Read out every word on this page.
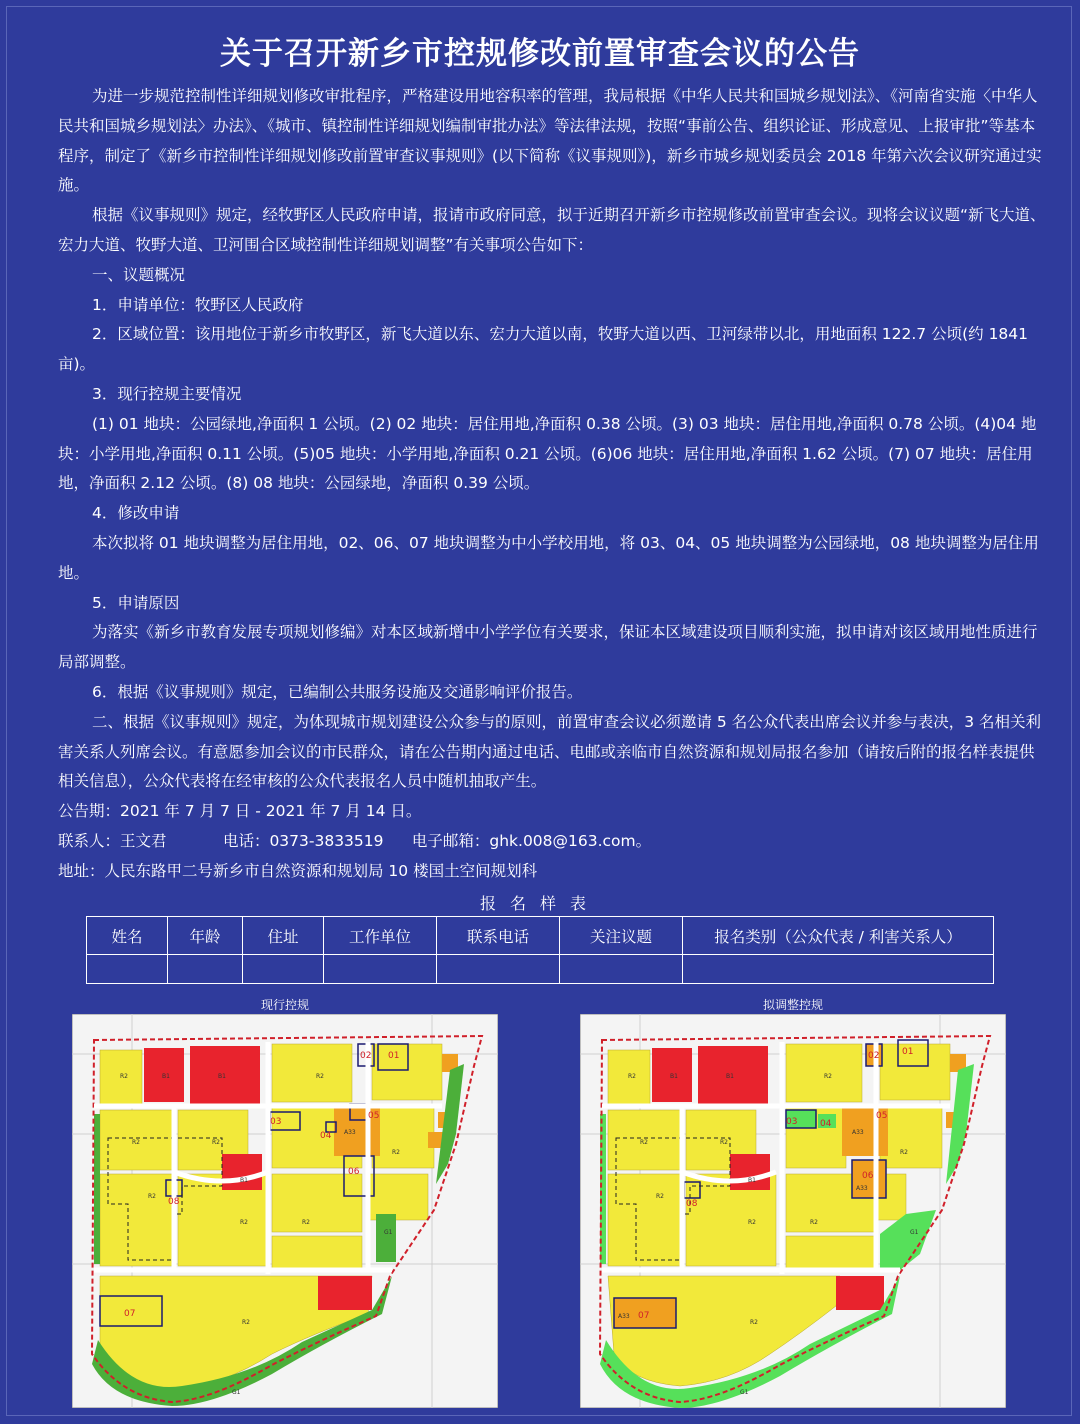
关于召开新乡市控规修改前置审查会议的公告

为进一步规范控制性详细规划修改审批程序，严格建设用地容积率的管理，我局根据《中华人民共和国城乡规划法》、《河南省实施〈中华人民共和国城乡规划法〉办法》、《城市、镇控制性详细规划编制审批办法》等法律法规，按照“事前公告、组织论证、形成意见、上报审批”等基本程序，制定了《新乡市控制性详细规划修改前置审查议事规则》(以下简称《议事规则》)，新乡市城乡规划委员会 2018 年第六次会议研究通过实施。

根据《议事规则》规定，经牧野区人民政府申请，报请市政府同意，拟于近期召开新乡市控规修改前置审查会议。现将会议议题“新飞大道、宏力大道、牧野大道、卫河围合区域控制性详细规划调整”有关事项公告如下：

一、议题概况

1．申请单位：牧野区人民政府

2．区域位置：该用地位于新乡市牧野区，新飞大道以东、宏力大道以南，牧野大道以西、卫河绿带以北，用地面积 122.7 公顷(约 1841 亩)。

3．现行控规主要情况

(1) 01 地块：公园绿地,净面积 1 公顷。(2) 02 地块：居住用地,净面积 0.38 公顷。(3) 03 地块：居住用地,净面积 0.78 公顷。(4)04 地块：小学用地,净面积 0.11 公顷。(5)05 地块：小学用地,净面积 0.21 公顷。(6)06 地块：居住用地,净面积 1.62 公顷。(7) 07 地块：居住用地，净面积 2.12 公顷。(8) 08 地块：公园绿地，净面积 0.39 公顷。

4．修改申请

本次拟将 01 地块调整为居住用地，02、06、07 地块调整为中小学校用地，将 03、04、05 地块调整为公园绿地，08 地块调整为居住用地。

5．申请原因

为落实《新乡市教育发展专项规划修编》对本区域新增中小学学位有关要求，保证本区域建设项目顺利实施，拟申请对该区域用地性质进行局部调整。

6．根据《议事规则》规定，已编制公共服务设施及交通影响评价报告。

二、根据《议事规则》规定，为体现城市规划建设公众参与的原则，前置审查会议必须邀请 5 名公众代表出席会议并参与表决，3 名相关利害关系人列席会议。有意愿参加会议的市民群众，请在公告期内通过电话、电邮或亲临市自然资源和规划局报名参加（请按后附的报名样表提供相关信息），公众代表将在经审核的公众代表报名人员中随机抽取产生。

公告期：2021 年 7 月 7 日 - 2021 年 7 月 14 日。

联系人：王文君	电话：0373-3833519 电子邮箱：ghk.008@163.com。

地址：人民东路甲二号新乡市自然资源和规划局 10 楼国土空间规划科

报名样表
姓名	年龄	住址	工作单位	联系电话	关注议题	报名类别（公众代表 / 利害关系人）

现行控规
R2	B1	B1	R2
R2	R2
R2
R2	R2
R2
R2
A33
B1
G1
G1
02 01
03
04
05
06
08
07
拟调整控规
R2	B1	B1	R2
R2	R2
R2
R2	R2
R2
R2
A33
A33
A33
B1
G1
G1
01
02
03	04
05
06
08
07
